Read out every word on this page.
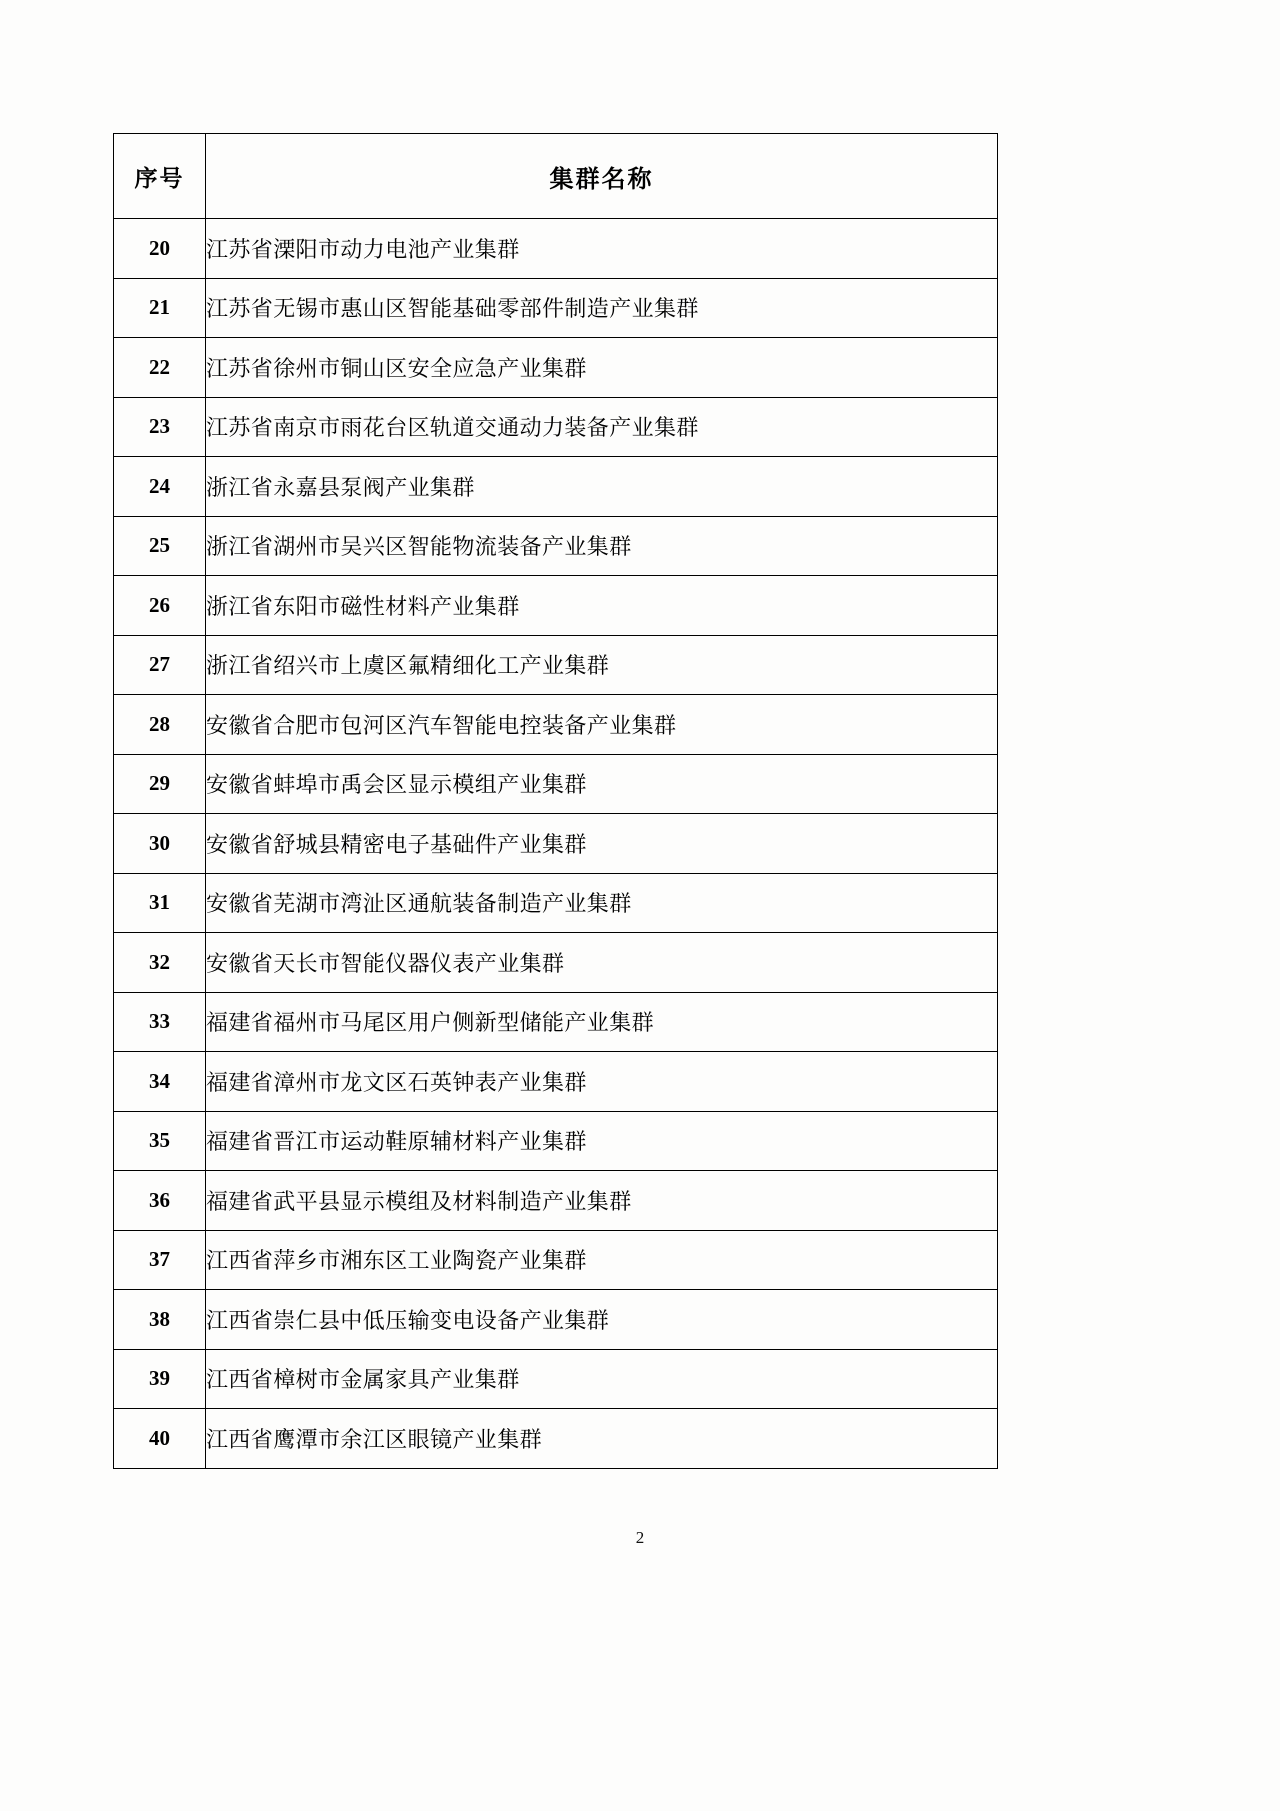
序号	集群名称
20	江苏省溧阳市动力电池产业集群
21	江苏省无锡市惠山区智能基础零部件制造产业集群
22	江苏省徐州市铜山区安全应急产业集群
23	江苏省南京市雨花台区轨道交通动力装备产业集群
24	浙江省永嘉县泵阀产业集群
25	浙江省湖州市吴兴区智能物流装备产业集群
26	浙江省东阳市磁性材料产业集群
27	浙江省绍兴市上虞区氟精细化工产业集群
28	安徽省合肥市包河区汽车智能电控装备产业集群
29	安徽省蚌埠市禹会区显示模组产业集群
30	安徽省舒城县精密电子基础件产业集群
31	安徽省芜湖市湾沚区通航装备制造产业集群
32	安徽省天长市智能仪器仪表产业集群
33	福建省福州市马尾区用户侧新型储能产业集群
34	福建省漳州市龙文区石英钟表产业集群
35	福建省晋江市运动鞋原辅材料产业集群
36	福建省武平县显示模组及材料制造产业集群
37	江西省萍乡市湘东区工业陶瓷产业集群
38	江西省崇仁县中低压输变电设备产业集群
39	江西省樟树市金属家具产业集群
40	江西省鹰潭市余江区眼镜产业集群
2
